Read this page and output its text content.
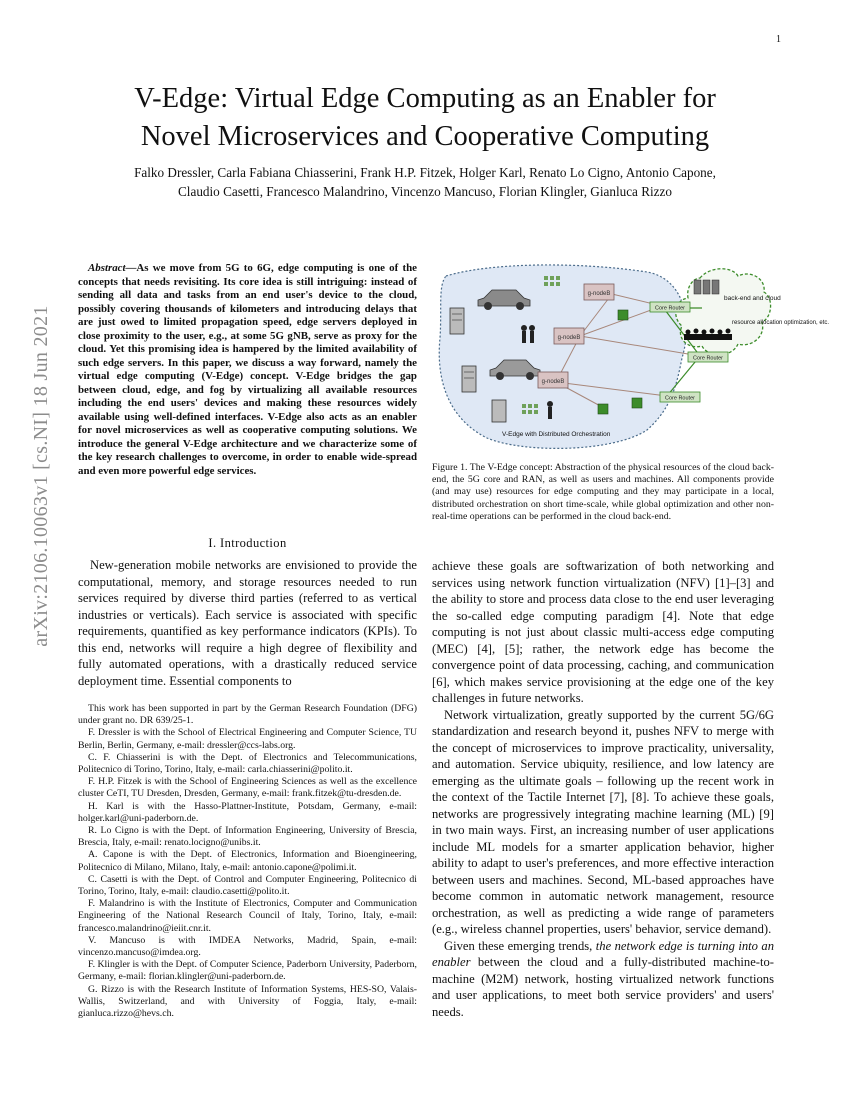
1
V-Edge: Virtual Edge Computing as an Enabler for
Novel Microservices and Cooperative Computing
Falko Dressler, Carla Fabiana Chiasserini, Frank H.P. Fitzek, Holger Karl, Renato Lo Cigno, Antonio Capone,
Claudio Casetti, Francesco Malandrino, Vincenzo Mancuso, Florian Klingler, Gianluca Rizzo
arXiv:2106.10063v1 [cs.NI] 18 Jun 2021
Abstract—As we move from 5G to 6G, edge computing is one of the concepts that needs revisiting. Its core idea is still intriguing: instead of sending all data and tasks from an end user's device to the cloud, possibly covering thousands of kilometers and introducing delays that are just owed to limited propagation speed, edge servers deployed in close proximity to the user, e.g., at some 5G gNB, serve as proxy for the cloud. Yet this promising idea is hampered by the limited availability of such edge servers. In this paper, we discuss a way forward, namely the virtual edge computing (V-Edge) concept. V-Edge bridges the gap between cloud, edge, and fog by virtualizing all available resources including the end users' devices and making these resources widely available using well-defined interfaces. V-Edge also acts as an enabler for novel microservices as well as cooperative computing solutions. We introduce the general V-Edge architecture and we characterize some of the key research challenges to overcome, in order to enable wide-spread and even more powerful edge services.
I. Introduction
New-generation mobile networks are envisioned to provide the computational, memory, and storage resources needed to run services required by diverse third parties (referred to as vertical industries or verticals). Each service is associated with specific requirements, quantified as key performance indicators (KPIs). To this end, networks will require a high degree of flexibility and fully automated operations, with a drastically reduced service deployment time. Essential components to

This work has been supported in part by the German Research Foundation (DFG) under grant no. DR 639/25-1.

F. Dressler is with the School of Electrical Engineering and Computer Science, TU Berlin, Berlin, Germany, e-mail: dressler@ccs-labs.org.

C. F. Chiasserini is with the Dept. of Electronics and Telecommunications, Politecnico di Torino, Torino, Italy, e-mail: carla.chiasserini@polito.it.

F. H.P. Fitzek is with the School of Engineering Sciences as well as the excellence cluster CeTI, TU Dresden, Dresden, Germany, e-mail: frank.fitzek@tu-dresden.de.

H. Karl is with the Hasso-Plattner-Institute, Potsdam, Germany, e-mail: holger.karl@uni-paderborn.de.

R. Lo Cigno is with the Dept. of Information Engineering, University of Brescia, Brescia, Italy, e-mail: renato.locigno@unibs.it.

A. Capone is with the Dept. of Electronics, Information and Bioengineering, Politecnico di Milano, Milano, Italy, e-mail: antonio.capone@polimi.it.

C. Casetti is with the Dept. of Control and Computer Engineering, Politecnico di Torino, Torino, Italy, e-mail: claudio.casetti@polito.it.

F. Malandrino is with the Institute of Electronics, Computer and Communication Engineering of the National Research Council of Italy, Torino, Italy, e-mail: francesco.malandrino@ieiit.cnr.it.

V. Mancuso is with IMDEA Networks, Madrid, Spain, e-mail: vincenzo.mancuso@imdea.org.

F. Klingler is with the Dept. of Computer Science, Paderborn University, Paderborn, Germany, e-mail: florian.klingler@uni-paderborn.de.

G. Rizzo is with the Research Institute of Information Systems, HES-SO, Valais-Wallis, Switzerland, and with University of Foggia, Italy, e-mail: gianluca.rizzo@hevs.ch.

g-nodeB
g-nodeB
g-nodeB
Core Router
Core Router
Core Router
back-end and cloud
resource allocation optimization, etc.
V-Edge with Distributed Orchestration
Figure 1. The V-Edge concept: Abstraction of the physical resources of the cloud back-end, the 5G core and RAN, as well as users and machines. All components provide (and may use) resources for edge computing and they may participate in a local, distributed orchestration on short time-scale, while global optimization and other non-real-time operations can be performed in the cloud back-end.

achieve these goals are softwarization of both networking and services using network function virtualization (NFV) [1]–[3] and the ability to store and process data close to the end user leveraging the so-called edge computing paradigm [4]. Note that edge computing is not just about classic multi-access edge computing (MEC) [4], [5]; rather, the network edge has become the convergence point of data processing, caching, and communication [6], which makes service provisioning at the edge one of the key challenges in future networks.

Network virtualization, greatly supported by the current 5G/6G standardization and research beyond it, pushes NFV to merge with the concept of microservices to improve practicality, universality, and automation. Service ubiquity, resilience, and low latency are emerging as the ultimate goals – following up the recent work in the context of the Tactile Internet [7], [8]. To achieve these goals, networks are progressively integrating machine learning (ML) [9] in two main ways. First, an increasing number of user applications include ML models for a smarter application behavior, higher ability to adapt to user's preferences, and more effective interaction between users and machines. Second, ML-based approaches have become common in automatic network management, resource orchestration, as well as predicting a wide range of parameters (e.g., wireless channel properties, users' behavior, service demand).

Given these emerging trends, the network edge is turning into an enabler between the cloud and a fully-distributed machine-to-machine (M2M) network, hosting virtualized network functions and user applications, to meet both service providers' and users' needs.
